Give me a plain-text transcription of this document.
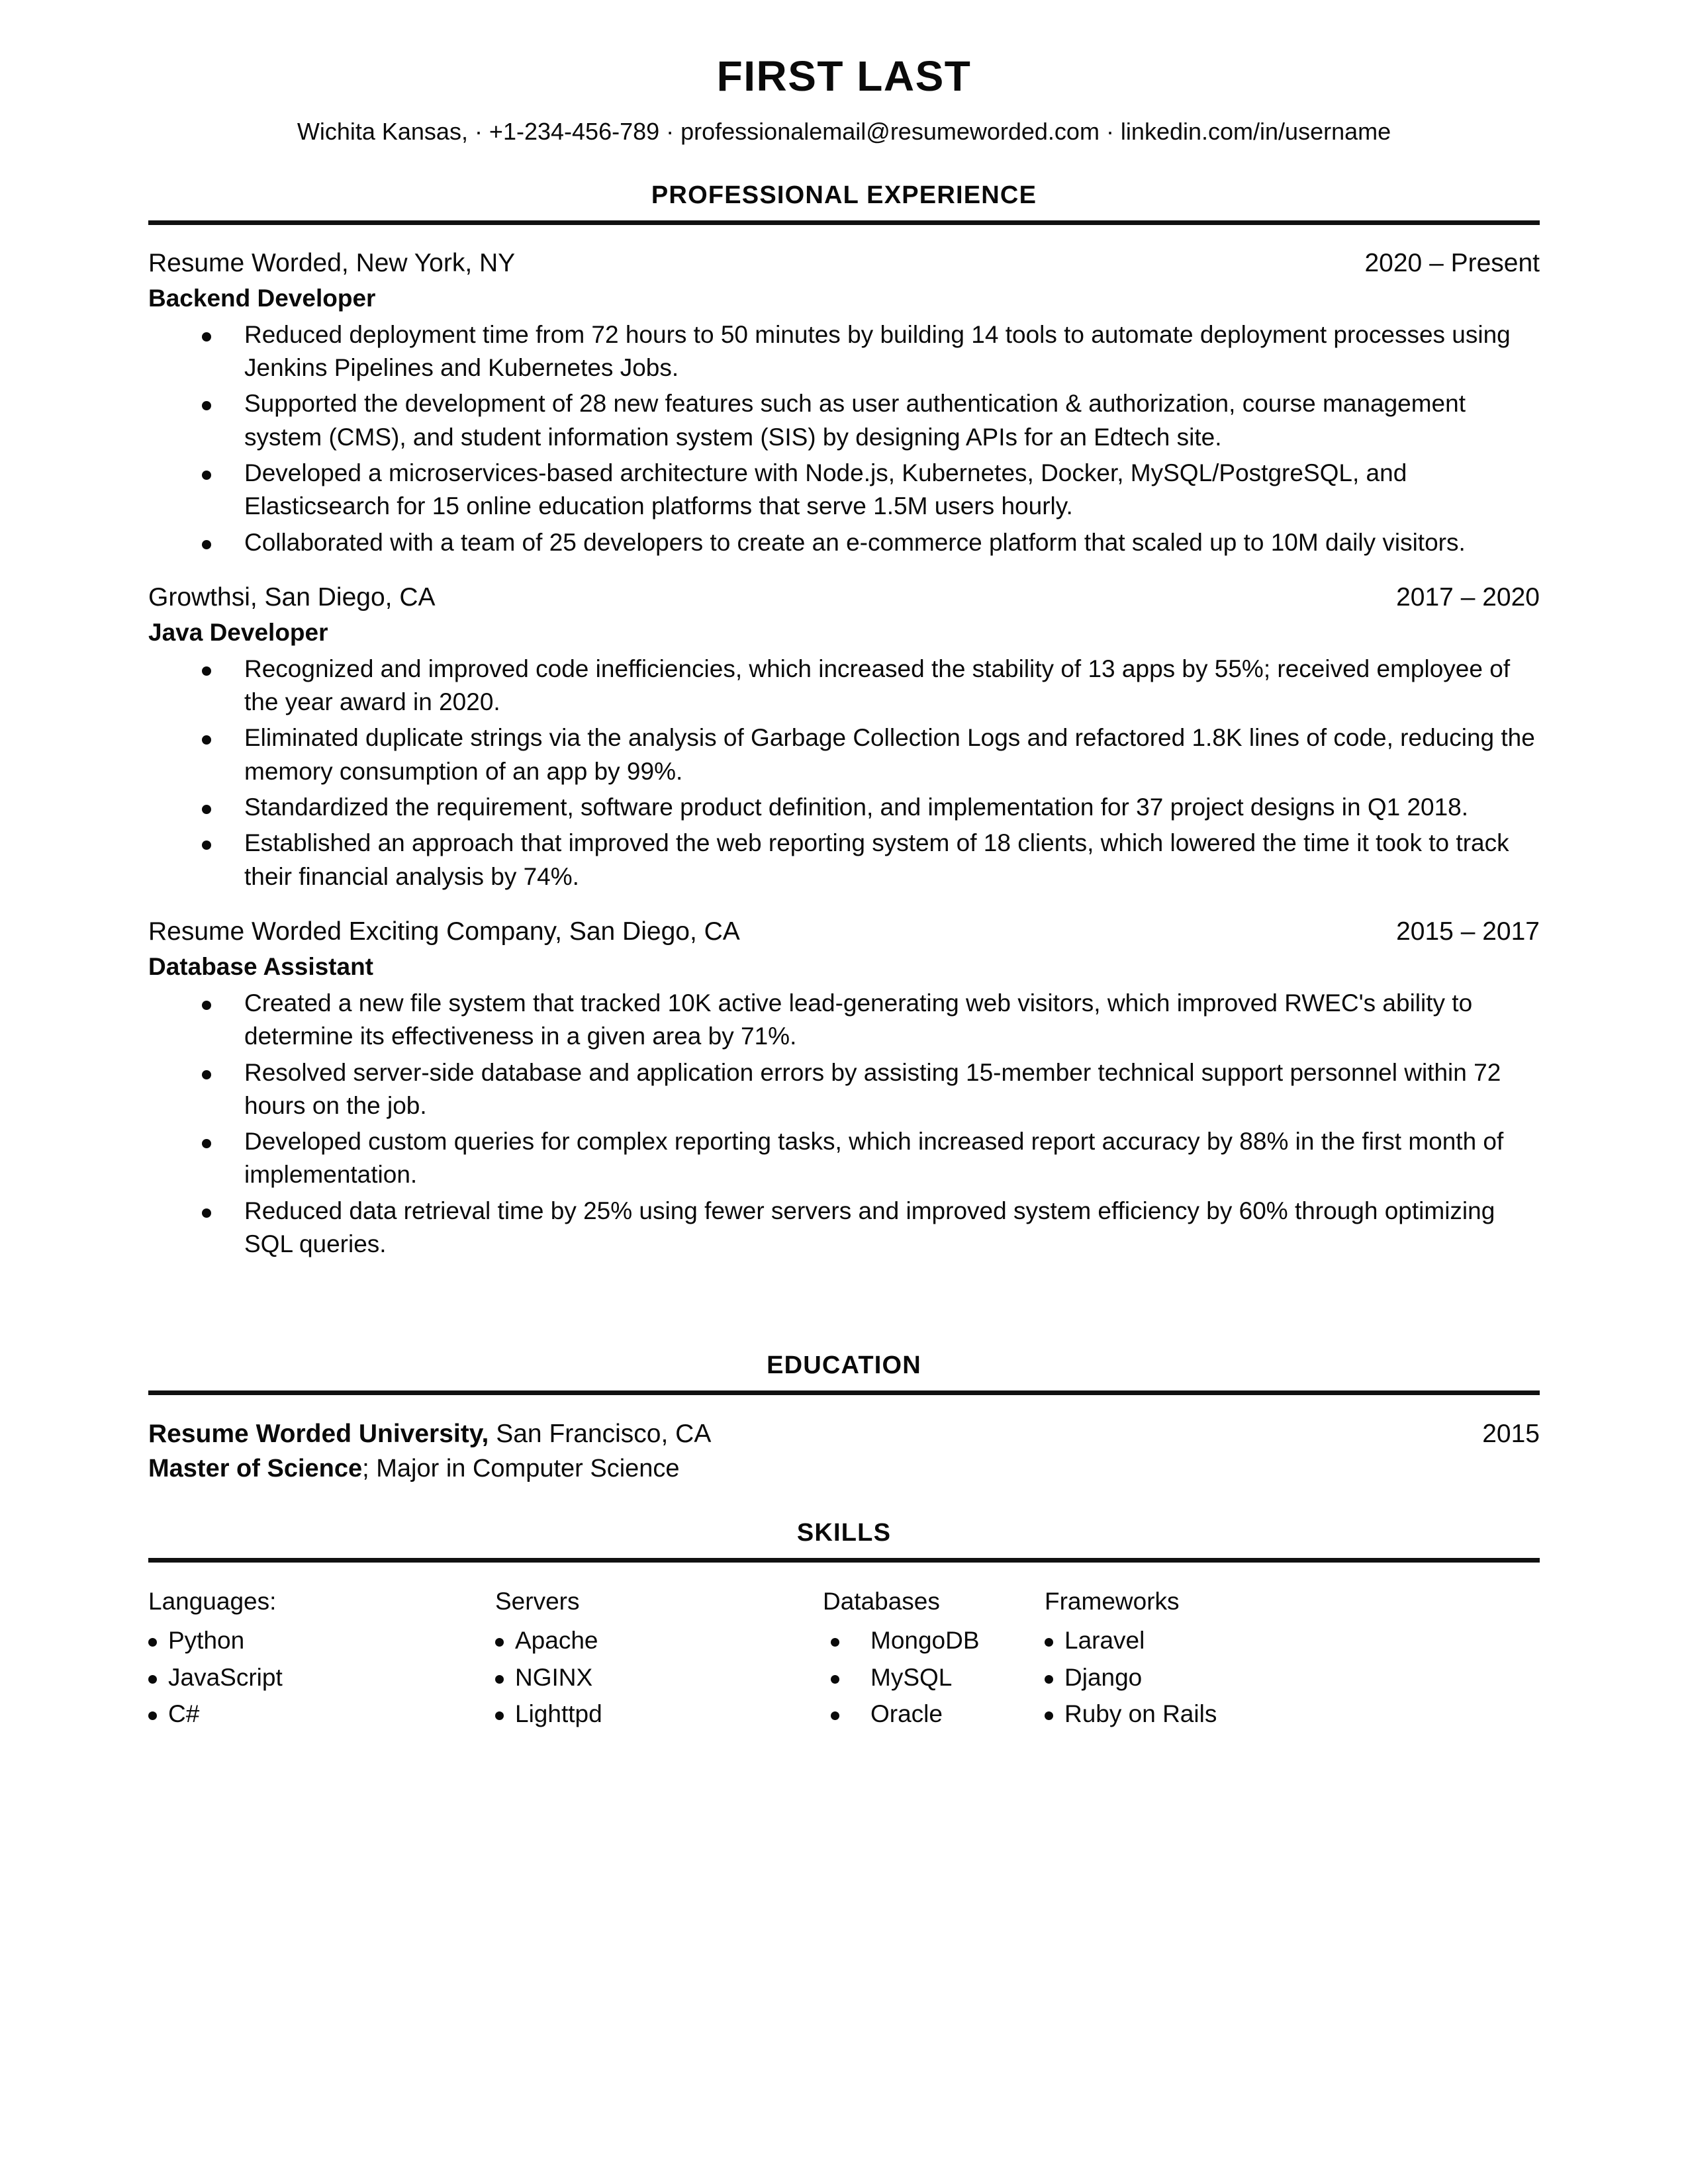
FIRST LAST
Wichita Kansas, · +1-234-456-789 · professionalemail@resumeworded.com · linkedin.com/in/username
PROFESSIONAL EXPERIENCE
Resume Worded, New York, NY	2020 – Present
Backend Developer
Reduced deployment time from 72 hours to 50 minutes by building 14 tools to automate deployment processes using Jenkins Pipelines and Kubernetes Jobs.
Supported the development of 28 new features such as user authentication & authorization, course management system (CMS), and student information system (SIS) by designing APIs for an Edtech site.
Developed a microservices-based architecture with Node.js, Kubernetes, Docker, MySQL/PostgreSQL, and Elasticsearch for 15 online education platforms that serve 1.5M users hourly.
Collaborated with a team of 25 developers to create an e-commerce platform that scaled up to 10M daily visitors.
Growthsi, San Diego, CA	2017 – 2020
Java Developer
Recognized and improved code inefficiencies, which increased the stability of 13 apps by 55%; received employee of the year award in 2020.
Eliminated duplicate strings via the analysis of Garbage Collection Logs and refactored 1.8K lines of code, reducing the memory consumption of an app by 99%.
Standardized the requirement, software product definition, and implementation for 37 project designs in Q1 2018.
Established an approach that improved the web reporting system of 18 clients, which lowered the time it took to track their financial analysis by 74%.
Resume Worded Exciting Company, San Diego, CA	2015 – 2017
Database Assistant
Created a new file system that tracked 10K active lead-generating web visitors, which improved RWEC's ability to determine its effectiveness in a given area by 71%.
Resolved server-side database and application errors by assisting 15-member technical support personnel within 72 hours on the job.
Developed custom queries for complex reporting tasks, which increased report accuracy by 88% in the first month of implementation.
Reduced data retrieval time by 25% using fewer servers and improved system efficiency by 60% through optimizing SQL queries.
EDUCATION
Resume Worded University, San Francisco, CA	2015
Master of Science; Major in Computer Science
SKILLS
Languages:
Python
JavaScript
C#
Servers
Apache
NGINX
Lighttpd
Databases
MongoDB
MySQL
Oracle
Frameworks
Laravel
Django
Ruby on Rails
